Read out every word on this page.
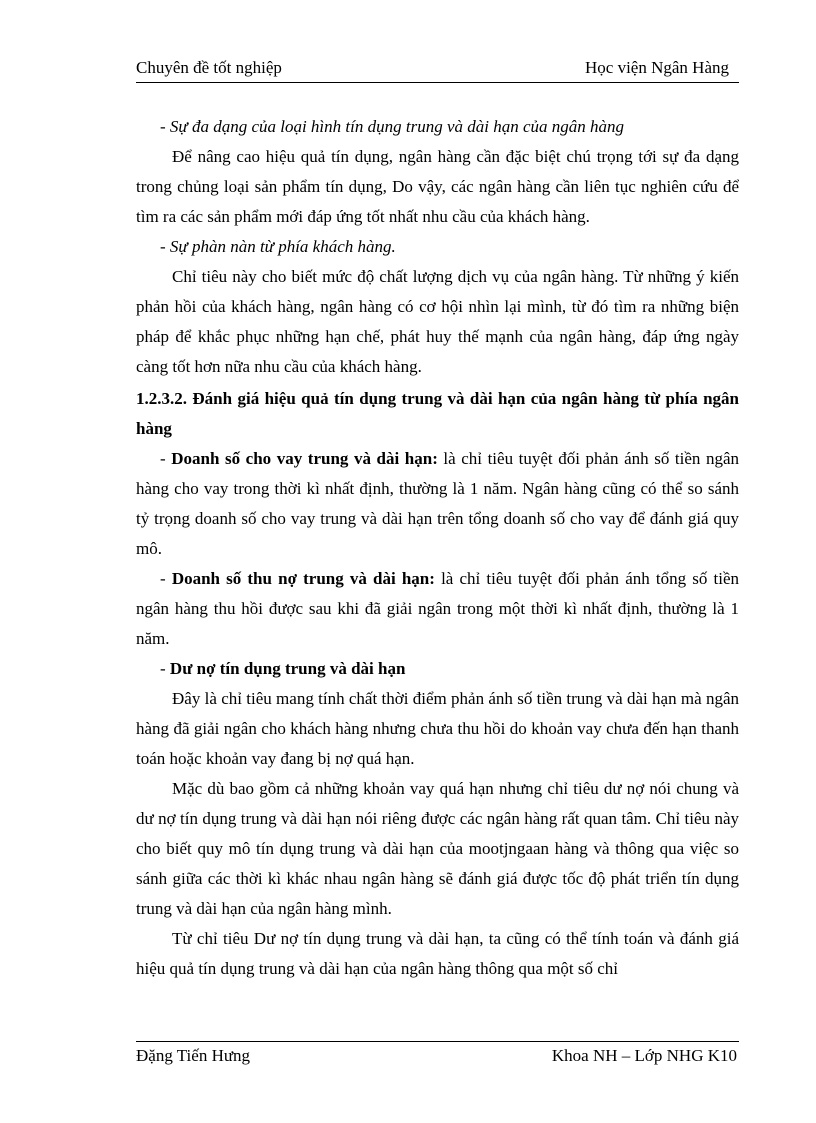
Chuyên đề tốt nghiệp	Học viện Ngân Hàng

- Sự đa dạng của loại hình tín dụng trung và dài hạn của ngân hàng

Để nâng cao hiệu quả tín dụng, ngân hàng cần đặc biệt chú trọng tới sự đa dạng trong chủng loại sản phẩm tín dụng, Do vậy, các ngân hàng cần liên tục nghiên cứu để tìm ra các sản phẩm mới đáp ứng tốt nhất nhu cầu của khách hàng.

- Sự phàn nàn từ phía khách hàng.

Chỉ tiêu này cho biết mức độ chất lượng dịch vụ của ngân hàng. Từ những ý kiến phản hồi của khách hàng, ngân hàng có cơ hội nhìn lại mình, từ đó tìm ra những biện pháp để khắc phục những hạn chế, phát huy thế mạnh của ngân hàng, đáp ứng ngày càng tốt hơn nữa nhu cầu của khách hàng.

1.2.3.2. Đánh giá hiệu quả tín dụng trung và dài hạn của ngân hàng từ phía ngân hàng

- Doanh số cho vay trung và dài hạn: là chỉ tiêu tuyệt đối phản ánh số tiền ngân hàng cho vay trong thời kì nhất định, thường là 1 năm. Ngân hàng cũng có thể so sánh tỷ trọng doanh số cho vay trung và dài hạn trên tổng doanh số cho vay để đánh giá quy mô.

- Doanh số thu nợ trung và dài hạn: là chỉ tiêu tuyệt đối phản ánh tổng số tiền ngân hàng thu hồi được sau khi đã giải ngân trong một thời kì nhất định, thường là 1 năm.

- Dư nợ tín dụng trung và dài hạn

Đây là chỉ tiêu mang tính chất thời điểm phản ánh số tiền trung và dài hạn mà ngân hàng đã giải ngân cho khách hàng nhưng chưa thu hồi do khoản vay chưa đến hạn thanh toán hoặc khoản vay đang bị nợ quá hạn.

Mặc dù bao gồm cả những khoản vay quá hạn nhưng chỉ tiêu dư nợ nói chung và dư nợ tín dụng trung và dài hạn nói riêng được các ngân hàng rất quan tâm. Chỉ tiêu này cho biết quy mô tín dụng trung và dài hạn của mootjngaan hàng và thông qua việc so sánh giữa các thời kì khác nhau ngân hàng sẽ đánh giá được tốc độ phát triển tín dụng trung và dài hạn của ngân hàng mình.

Từ chỉ tiêu Dư nợ tín dụng trung và dài hạn, ta cũng có thể tính toán và đánh giá hiệu quả tín dụng trung và dài hạn của ngân hàng thông qua một số chỉ

Đặng Tiến Hưng	Khoa NH – Lớp NHG K10
